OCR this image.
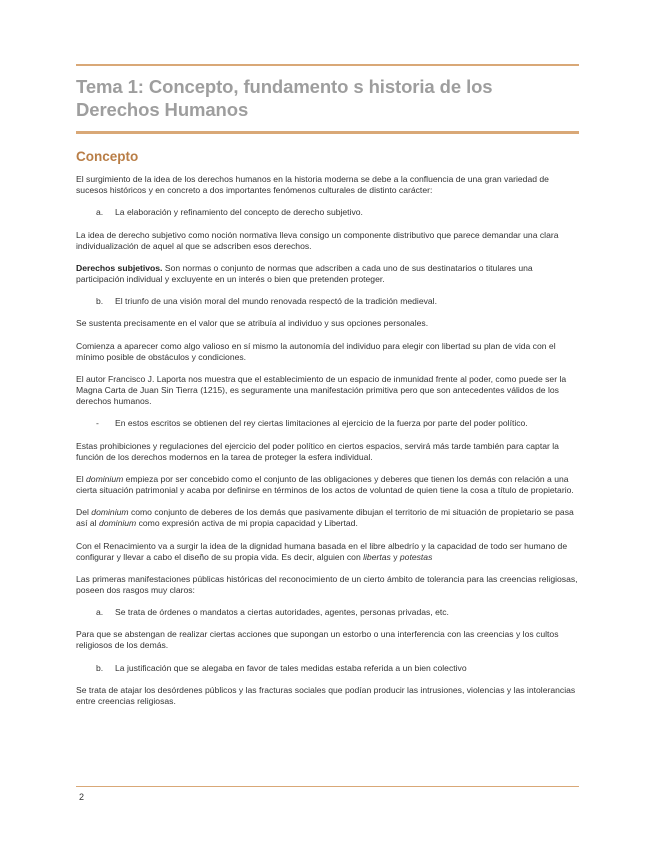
Tema 1: Concepto, fundamento s historia de los Derechos Humanos
Concepto

El surgimiento de la idea de los derechos humanos en la historia moderna se debe a la confluencia de una gran variedad de sucesos históricos y en concreto a dos importantes fenómenos culturales de distinto carácter:

a. La elaboración y refinamiento del concepto de derecho subjetivo.

La idea de derecho subjetivo como noción normativa lleva consigo un componente distributivo que parece demandar una clara individualización de aquel al que se adscriben esos derechos.

Derechos subjetivos. Son normas o conjunto de normas que adscriben a cada uno de sus destinatarios o titulares una participación individual y excluyente en un interés o bien que pretenden proteger.

b. El triunfo de una visión moral del mundo renovada respectó de la tradición medieval.

Se sustenta precisamente en el valor que se atribuía al individuo y sus opciones personales.

Comienza a aparecer como algo valioso en sí mismo la autonomía del individuo para elegir con libertad su plan de vida con el mínimo posible de obstáculos y condiciones.

El autor Francisco J. Laporta nos muestra que el establecimiento de un espacio de inmunidad frente al poder, como puede ser la Magna Carta de Juan Sin Tierra (1215), es seguramente una manifestación primitiva pero que son antecedentes válidos de los derechos humanos.

- En estos escritos se obtienen del rey ciertas limitaciones al ejercicio de la fuerza por parte del poder político.

Estas prohibiciones y regulaciones del ejercicio del poder político en ciertos espacios, servirá más tarde también para captar la función de los derechos modernos en la tarea de proteger la esfera individual.

El dominium empieza por ser concebido como el conjunto de las obligaciones y deberes que tienen los demás con relación a una cierta situación patrimonial y acaba por definirse en términos de los actos de voluntad de quien tiene la cosa a título de propietario.

Del dominium como conjunto de deberes de los demás que pasivamente dibujan el territorio de mi situación de propietario se pasa así al dominium como expresión activa de mi propia capacidad y Libertad.

Con el Renacimiento va a surgir la idea de la dignidad humana basada en el libre albedrío y la capacidad de todo ser humano de configurar y llevar a cabo el diseño de su propia vida. Es decir, alguien con libertas y potestas

Las primeras manifestaciones públicas históricas del reconocimiento de un cierto ámbito de tolerancia para las creencias religiosas, poseen dos rasgos muy claros:

a. Se trata de órdenes o mandatos a ciertas autoridades, agentes, personas privadas, etc.

Para que se abstengan de realizar ciertas acciones que supongan un estorbo o una interferencia con las creencias y los cultos religiosos de los demás.

b. La justificación que se alegaba en favor de tales medidas estaba referida a un bien colectivo

Se trata de atajar los desórdenes públicos y las fracturas sociales que podían producir las intrusiones, violencias y las intolerancias entre creencias religiosas.

2
